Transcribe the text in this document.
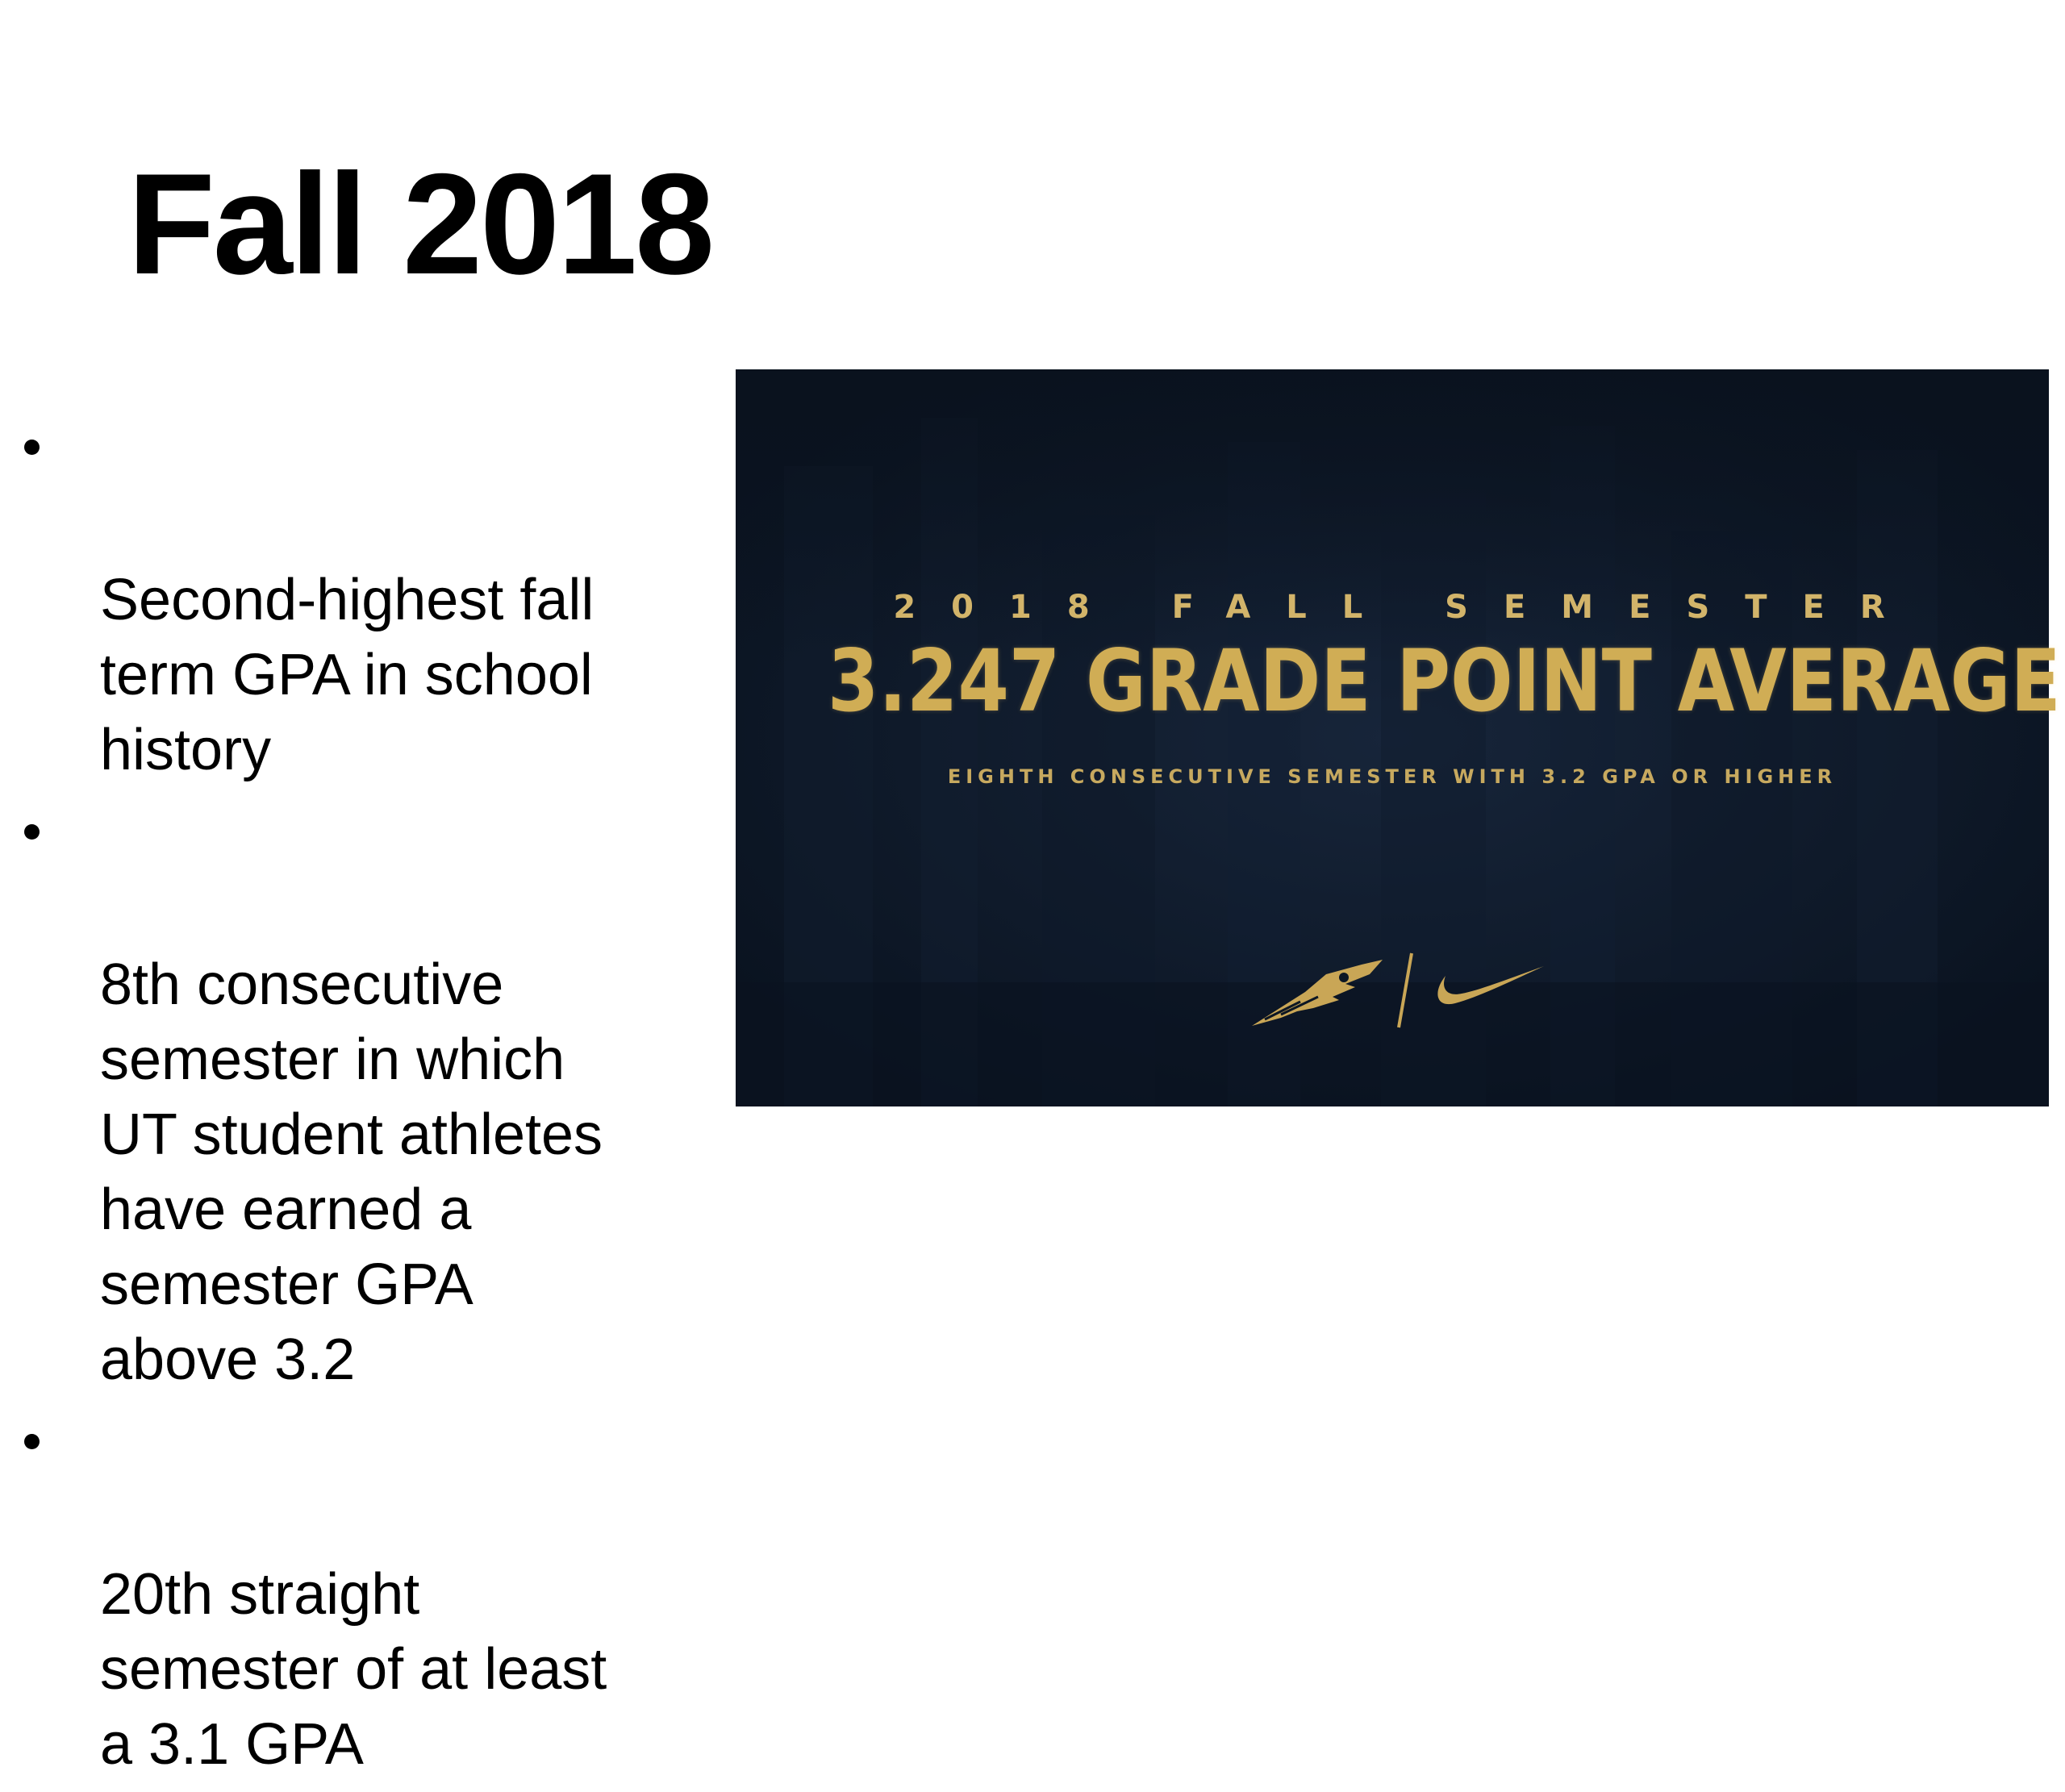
Fall 2018

Second-highest fall
term GPA in school
history

8th consecutive
semester in which
UT student athletes
have earned a
semester GPA
above 3.2

20th straight
semester of at least
a 3.1 GPA

2018 FALL SEMESTER
3.247 GRADE POINT AVERAGE
EIGHTH CONSECUTIVE SEMESTER WITH 3.2 GPA OR HIGHER
